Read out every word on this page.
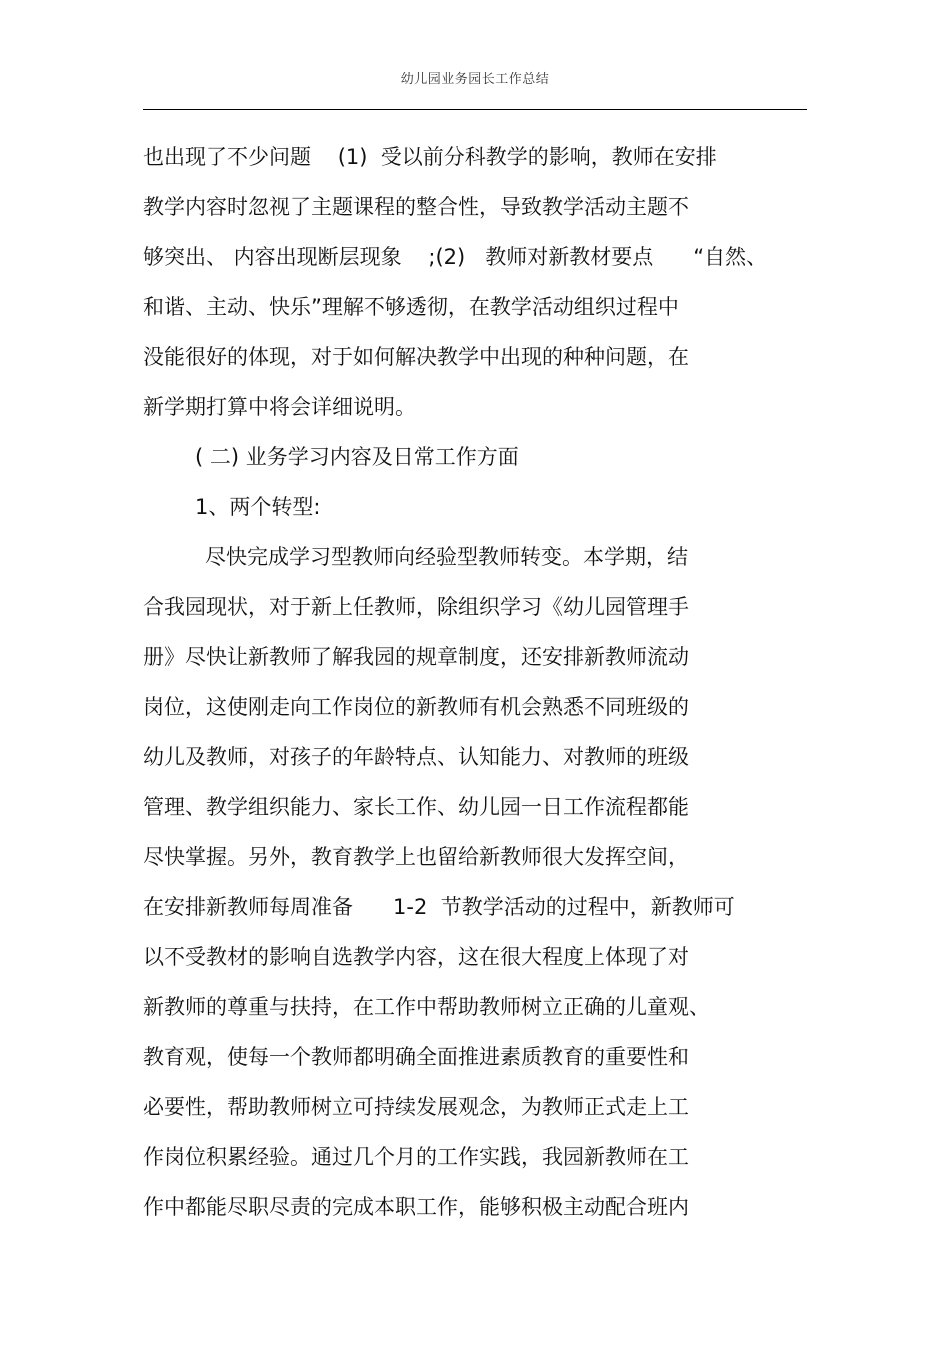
幼儿园业务园长工作总结
也出现了不少问题    (1)  受以前分科教学的影响，教师在安排
教学内容时忽视了主题课程的整合性，导致教学活动主题不
够突出、 内容出现断层现象    ;(2)   教师对新教材要点      “自然、
和谐、主动、快乐”理解不够透彻，在教学活动组织过程中
没能很好的体现，对于如何解决教学中出现的种种问题，在
新学期打算中将会详细说明。
( 二) 业务学习内容及日常工作方面
1、两个转型:
尽快完成学习型教师向经验型教师转变。本学期，结
合我园现状，对于新上任教师，除组织学习《幼儿园管理手
册》尽快让新教师了解我园的规章制度，还安排新教师流动
岗位，这使刚走向工作岗位的新教师有机会熟悉不同班级的
幼儿及教师，对孩子的年龄特点、认知能力、对教师的班级
管理、教学组织能力、家长工作、幼儿园一日工作流程都能
尽快掌握。另外，教育教学上也留给新教师很大发挥空间，
在安排新教师每周准备      1-2  节教学活动的过程中，新教师可
以不受教材的影响自选教学内容，这在很大程度上体现了对
新教师的尊重与扶持，在工作中帮助教师树立正确的儿童观、
教育观，使每一个教师都明确全面推进素质教育的重要性和
必要性，帮助教师树立可持续发展观念，为教师正式走上工
作岗位积累经验。通过几个月的工作实践，我园新教师在工
作中都能尽职尽责的完成本职工作，能够积极主动配合班内
